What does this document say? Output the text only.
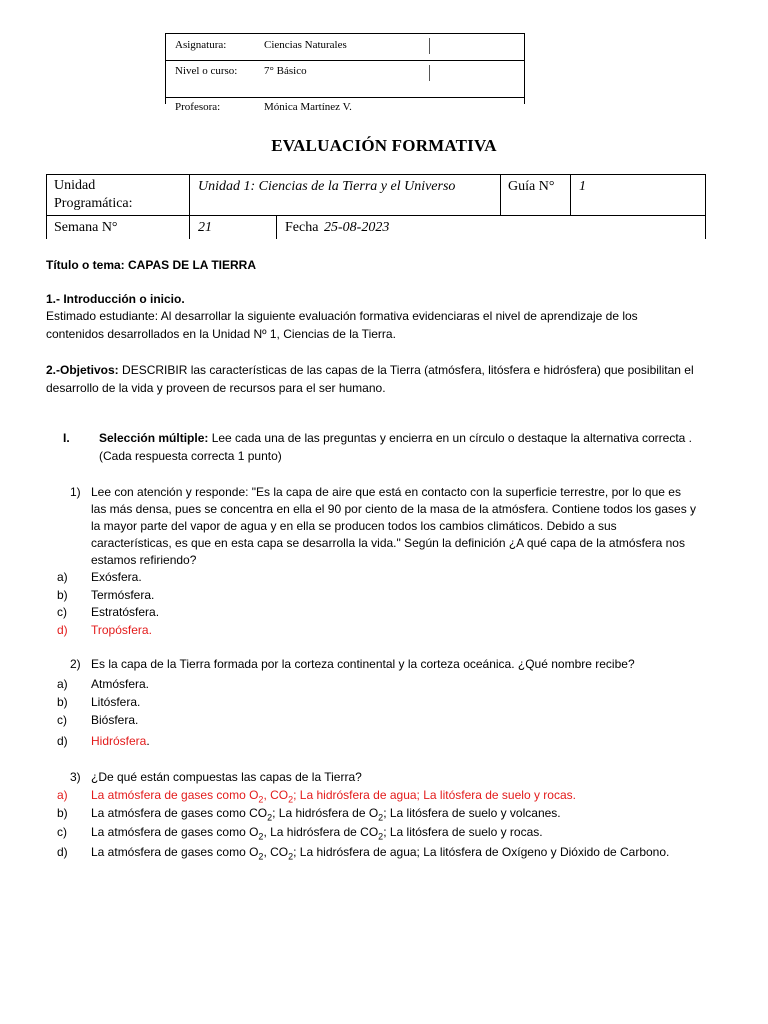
Asignatura:	Ciencias Naturales
Nivel o curso: 7° Básico
Profesora:	Mónica Martínez V.
EVALUACIÓN FORMATIVA
Unidad
Programática:
Unidad 1: Ciencias de la Tierra y el Universo	Guía N° 1
Semana N°	21	Fecha 25-08-2023
Título o tema: CAPAS DE LA TIERRA
1.- Introducción o inicio.
Estimado estudiante: Al desarrollar la siguiente evaluación formativa evidenciaras el nivel de aprendizaje de los
contenidos desarrollados en la Unidad Nº 1, Ciencias de la Tierra.
2.-Objetivos: DESCRIBIR las características de las capas de la Tierra (atmósfera, litósfera e hidrósfera) que posibilitan el
desarrollo de la vida y proveen de recursos para el ser humano.
I. Selección múltiple: Lee cada una de las preguntas y encierra en un círculo o destaque la alternativa correcta .
(Cada respuesta correcta 1 punto)
1) Lee con atención y responde: "Es la capa de aire que está en contacto con la superficie terrestre, por lo que es
las más densa, pues se concentra en ella el 90 por ciento de la masa de la atmósfera. Contiene todos los gases y
la mayor parte del vapor de agua y en ella se producen todos los cambios climáticos. Debido a sus
características, es que en esta capa se desarrolla la vida." Según la definición ¿A qué capa de la atmósfera nos
estamos refiriendo?
a) Exósfera.
b) Termósfera.
c) Estratósfera.
d) Tropósfera.
2) Es la capa de la Tierra formada por la corteza continental y la corteza oceánica. ¿Qué nombre recibe?
a) Atmósfera.
b) Litósfera.
c) Biósfera.
d) Hidrósfera.
3) ¿De qué están compuestas las capas de la Tierra?
a) La atmósfera de gases como $O_2$, $CO_2$; La hidrósfera de agua; La litósfera de suelo y rocas.
b) La atmósfera de gases como $CO_2$; La hidrósfera de $O_2$; La litósfera de suelo y volcanes.
c) La atmósfera de gases como $O_2$, La hidrósfera de $CO_2$; La litósfera de suelo y rocas.
d) La atmósfera de gases como $O_2$, $CO_2$; La hidrósfera de agua; La litósfera de Oxígeno y Dióxido de Carbono.
